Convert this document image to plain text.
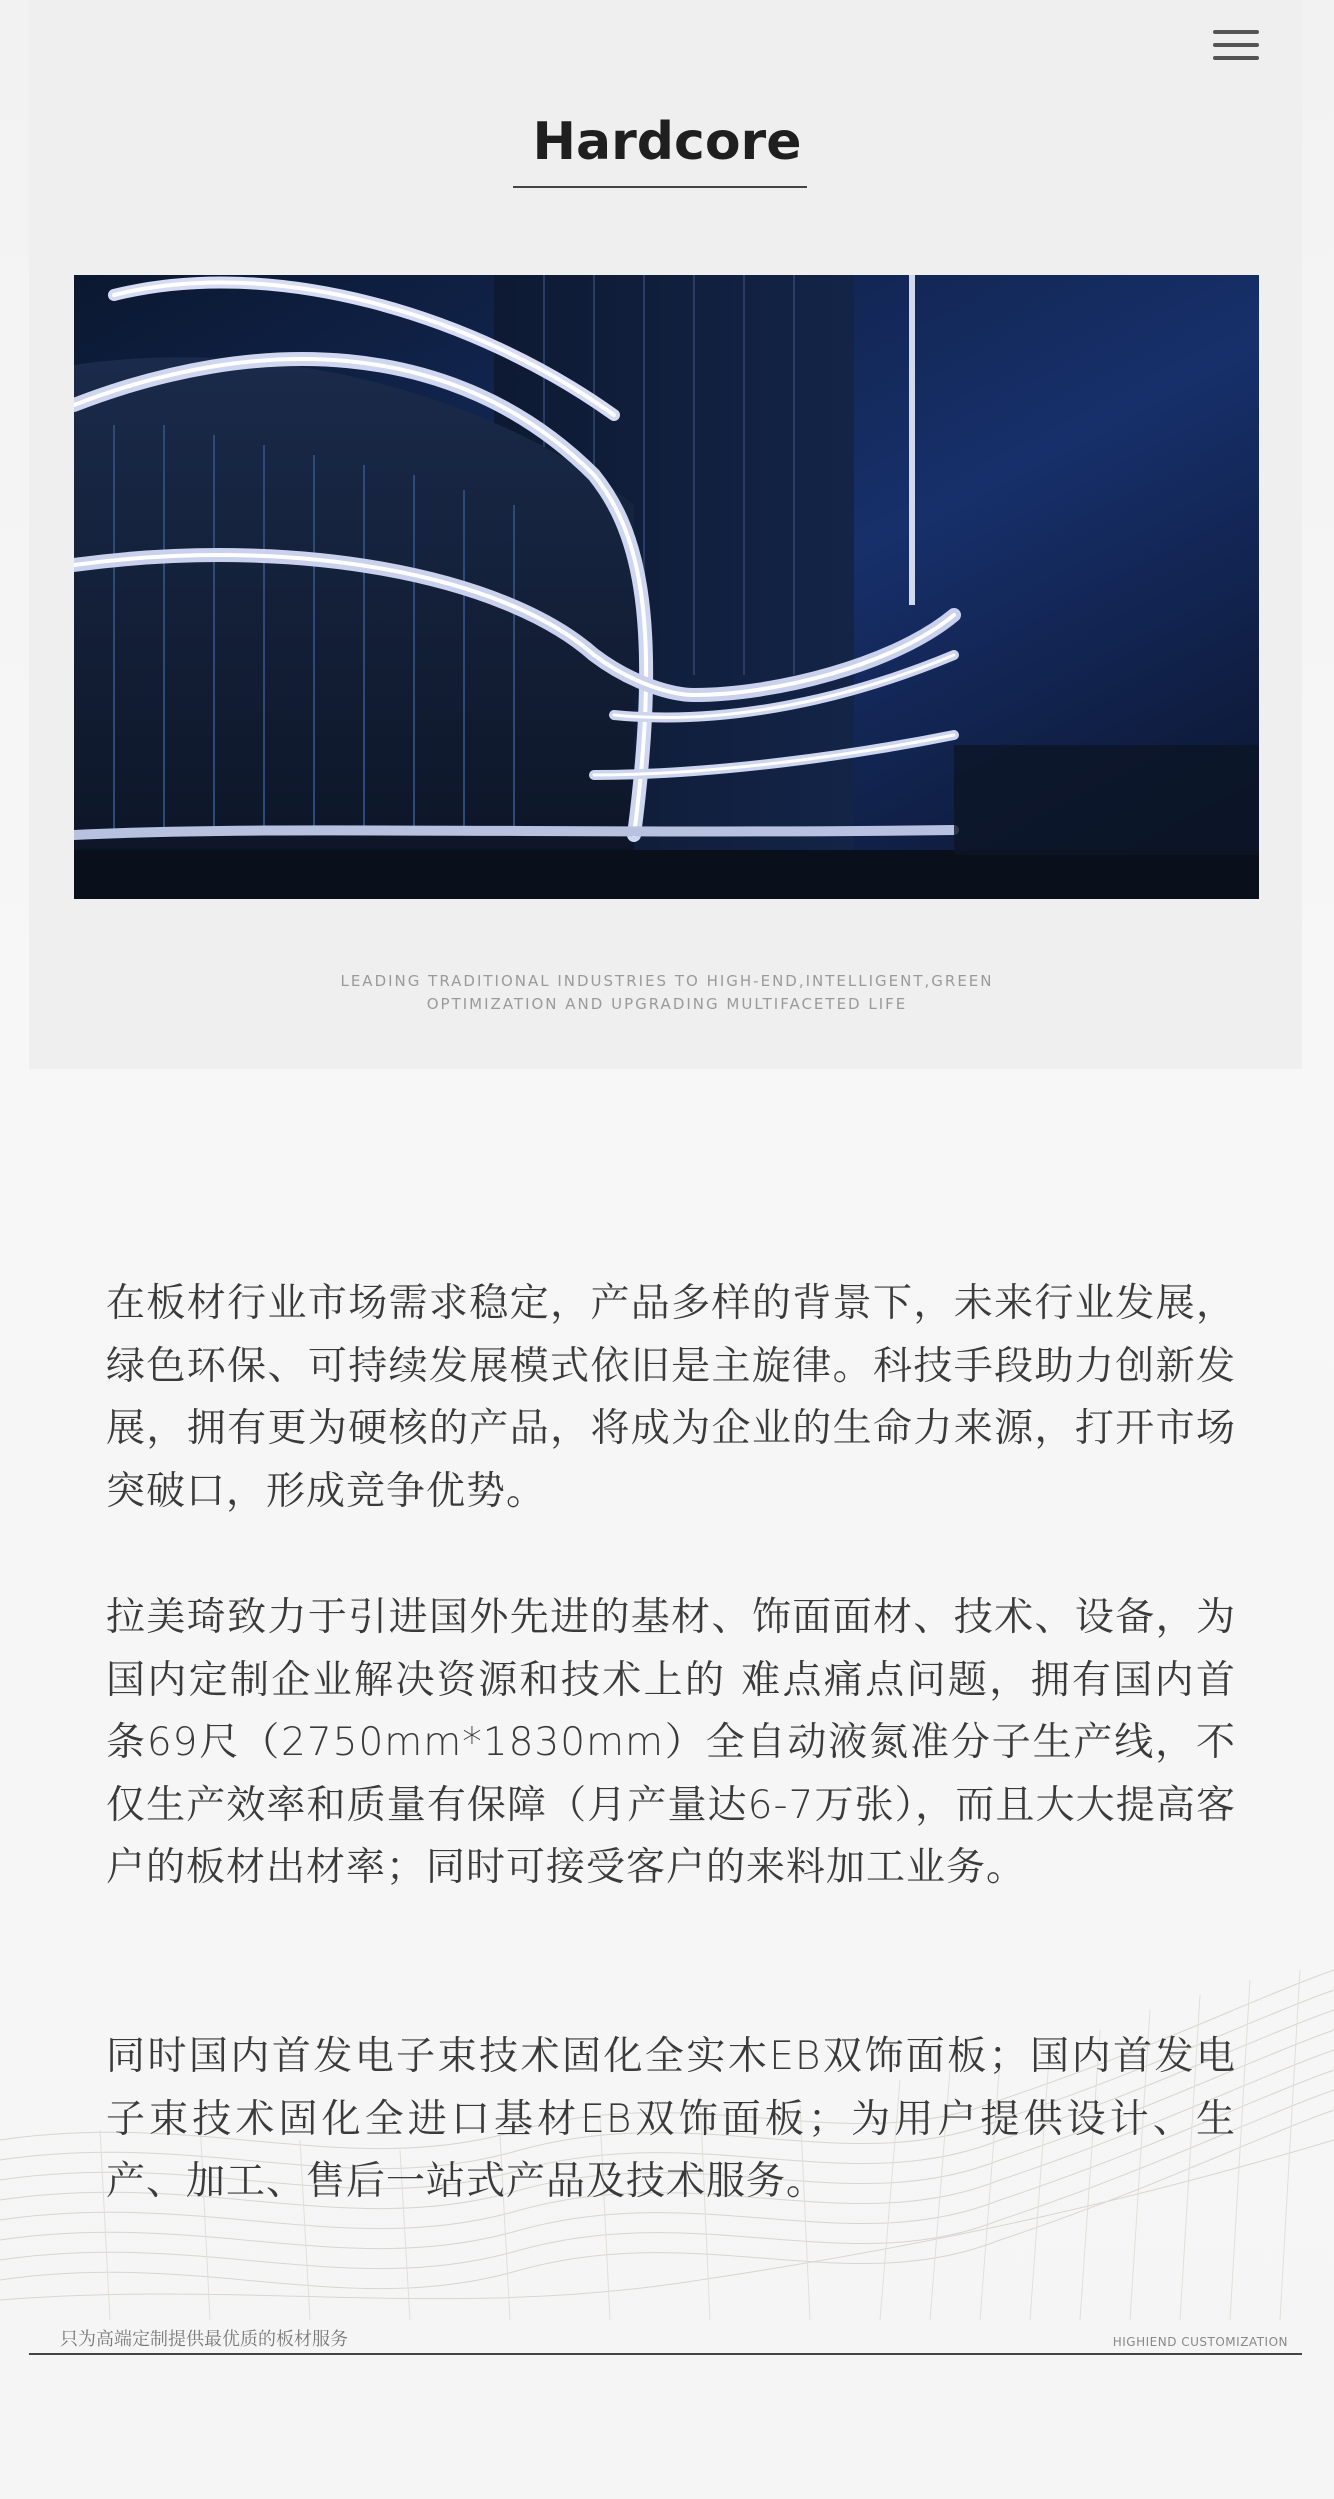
Hardcore
LEADING TRADITIONAL INDUSTRIES TO HIGH-END,INTELLIGENT,GREEN
OPTIMIZATION AND UPGRADING MULTIFACETED LIFE
在板材行业市场需求稳定，产品多样的背景下，未来行业发展，绿色环保、可持续发展模式依旧是主旋律。科技手段助力创新发展，拥有更为硬核的产品，将成为企业的生命力来源，打开市场突破口，形成竞争优势。
拉美琦致力于引进国外先进的基材、饰面面材、技术、设备，为国内定制企业解决资源和技术上的 难点痛点问题，拥有国内首条69尺（2750mm*1830mm）全自动液氮准分子生产线，不仅生产效率和质量有保障（月产量达6-7万张），而且大大提高客户的板材出材率；同时可接受客户的来料加工业务。
同时国内首发电子束技术固化全实木EB双饰面板；国内首发电子束技术固化全进口基材EB双饰面板；为用户提供设计、生产、加工、售后一站式产品及技术服务。
只为高端定制提供最优质的板材服务	HIGHIEND CUSTOMIZATION
